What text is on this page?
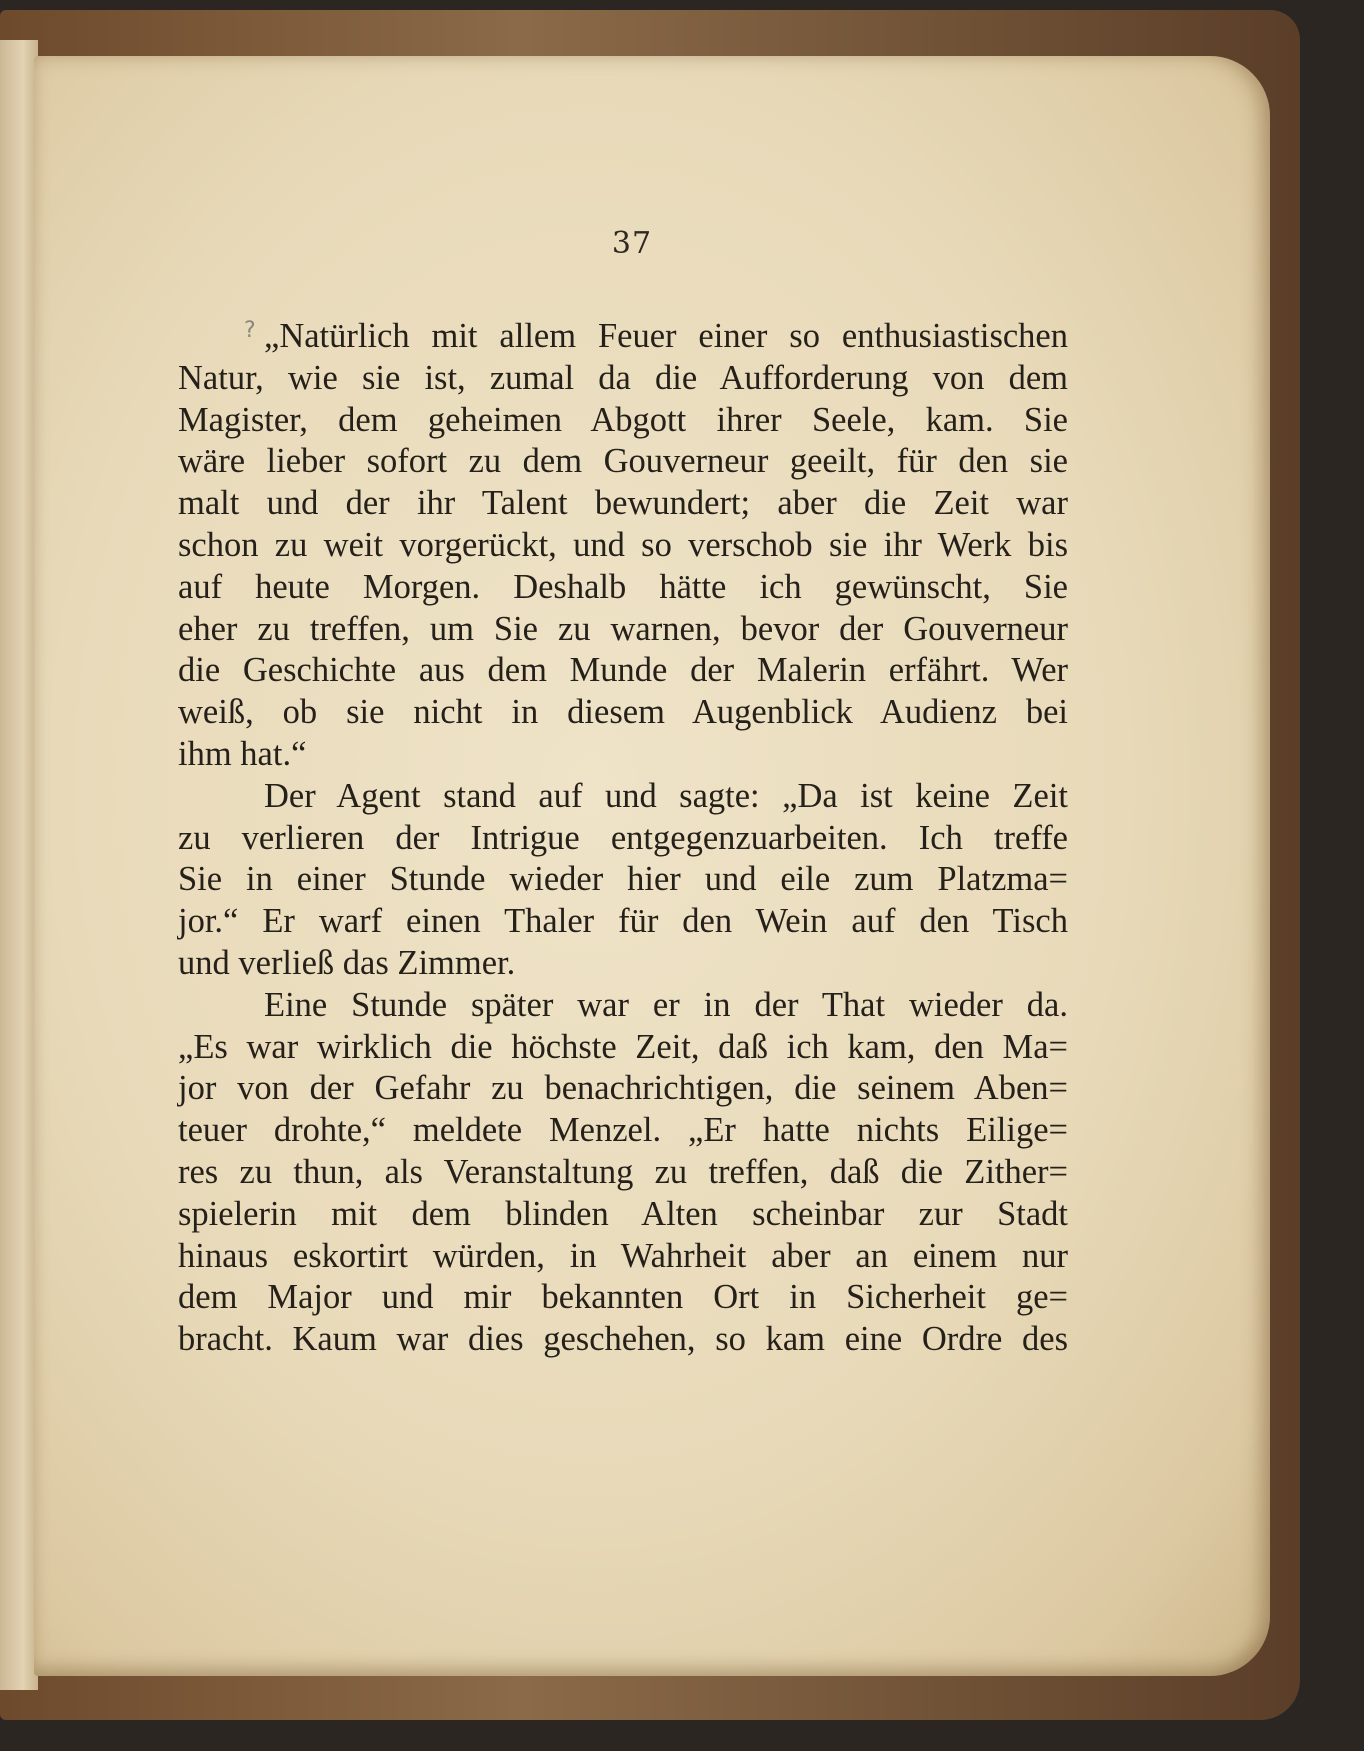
37
? „Natürlich mit allem Feuer einer so enthusiastischen
Natur, wie sie ist, zumal da die Aufforderung von dem
Magister, dem geheimen Abgott ihrer Seele, kam. Sie
wäre lieber sofort zu dem Gouverneur geeilt, für den sie
malt und der ihr Talent bewundert; aber die Zeit war
schon zu weit vorgerückt, und so verschob sie ihr Werk bis
auf heute Morgen. Deshalb hätte ich gewünscht, Sie
eher zu treffen, um Sie zu warnen, bevor der Gouverneur
die Geschichte aus dem Munde der Malerin erfährt. Wer
weiß, ob sie nicht in diesem Augenblick Audienz bei
ihm hat.“
Der Agent stand auf und sagte: „Da ist keine Zeit
zu verlieren der Intrigue entgegenzuarbeiten. Ich treffe
Sie in einer Stunde wieder hier und eile zum Platzma=
jor.“ Er warf einen Thaler für den Wein auf den Tisch
und verließ das Zimmer.
Eine Stunde später war er in der That wieder da.
„Es war wirklich die höchste Zeit, daß ich kam, den Ma=
jor von der Gefahr zu benachrichtigen, die seinem Aben=
teuer drohte,“ meldete Menzel. „Er hatte nichts Eilige=
res zu thun, als Veranstaltung zu treffen, daß die Zither=
spielerin mit dem blinden Alten scheinbar zur Stadt
hinaus eskortirt würden, in Wahrheit aber an einem nur
dem Major und mir bekannten Ort in Sicherheit ge=
bracht. Kaum war dies geschehen, so kam eine Ordre des
